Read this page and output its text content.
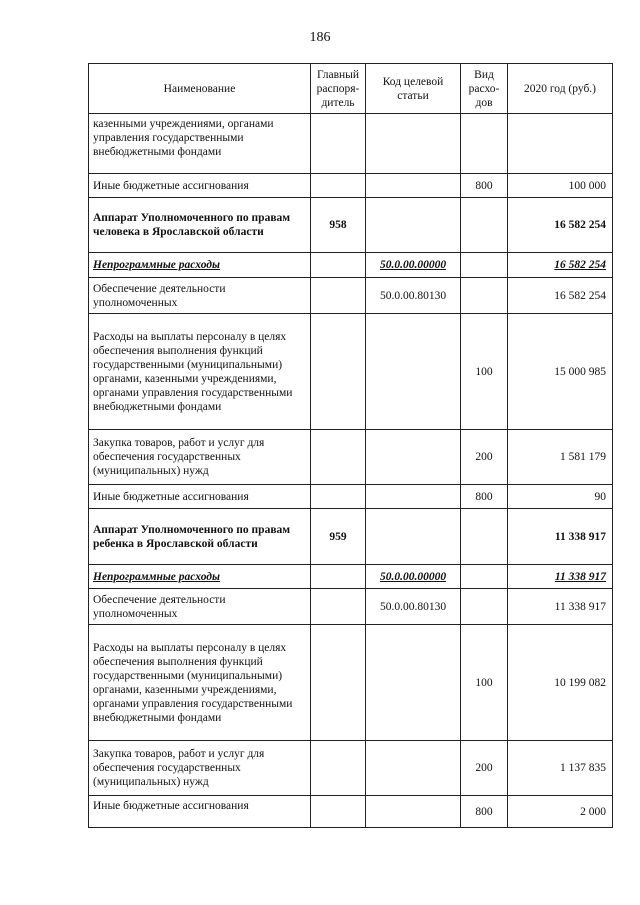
186
Наименование	Главный распоря-дитель	Код целевой статьи	Вид расхо-дов	2020 год (руб.)
казенными учреждениями, органами управления государственными внебюджетными фондами				
Иные бюджетные ассигнования			800	100 000
Аппарат Уполномоченного по правам человека в Ярославской области	958			16 582 254
Непрограммные расходы		50.0.00.00000		16 582 254
Обеспечение деятельности уполномоченных		50.0.00.80130		16 582 254
Расходы на выплаты персоналу в целях обеспечения выполнения функций государственными (муниципальными) органами, казенными учреждениями, органами управления государственными внебюджетными фондами			100	15 000 985
Закупка товаров, работ и услуг для обеспечения государственных (муниципальных) нужд			200	1 581 179
Иные бюджетные ассигнования			800	90
Аппарат Уполномоченного по правам ребенка в Ярославской области	959			11 338 917
Непрограммные расходы		50.0.00.00000		11 338 917
Обеспечение деятельности уполномоченных		50.0.00.80130		11 338 917
Расходы на выплаты персоналу в целях обеспечения выполнения функций государственными (муниципальными) органами, казенными учреждениями, органами управления государственными внебюджетными фондами			100	10 199 082
Закупка товаров, работ и услуг для обеспечения государственных (муниципальных) нужд			200	1 137 835
Иные бюджетные ассигнования			800	2 000
